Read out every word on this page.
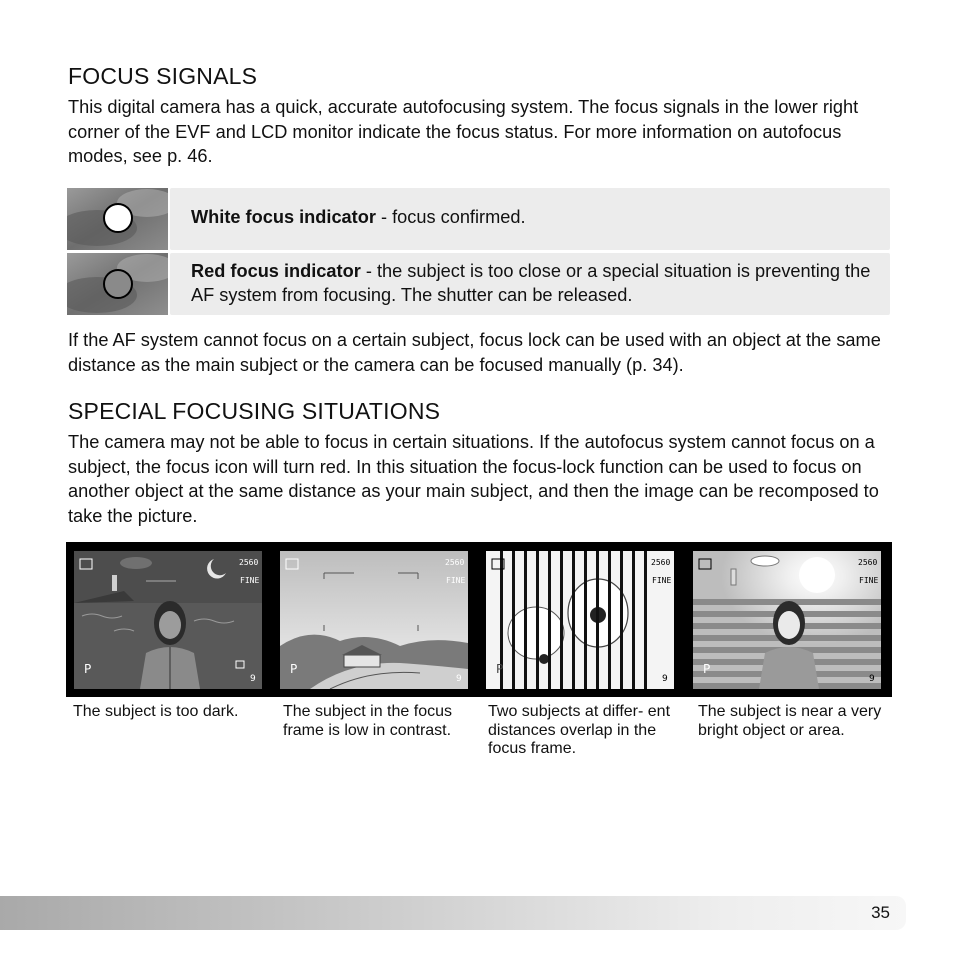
FOCUS SIGNALS

This digital camera has a quick, accurate autofocusing system. The focus signals in the lower right corner of the EVF and LCD monitor indicate the focus status. For more information on autofocus modes, see p. 46.

White focus indicator - focus confirmed.
Red focus indicator - the subject is too close or a special situation is preventing the AF system from focusing. The shutter can be released.

If the AF system cannot focus on a certain subject, focus lock can be used with an object at the same distance as the main subject or the camera can be focused manually (p. 34).

SPECIAL FOCUSING SITUATIONS

The camera may not be able to focus in certain situations. If the autofocus system cannot focus on a subject, the focus icon will turn red. In this situation the focus-lock function can be used to focus on another object at the same distance as your main subject, and then the image can be recomposed to take the picture.

2560
FINE
P
9
2560
FINE
P
9
2560
FINE
P
9
2560
FINE
P
9
The subject is too dark.	The subject in the focus frame is low in contrast.
Two subjects at differ- ent distances overlap in the focus frame.
The subject is near a very bright object or area.
35
